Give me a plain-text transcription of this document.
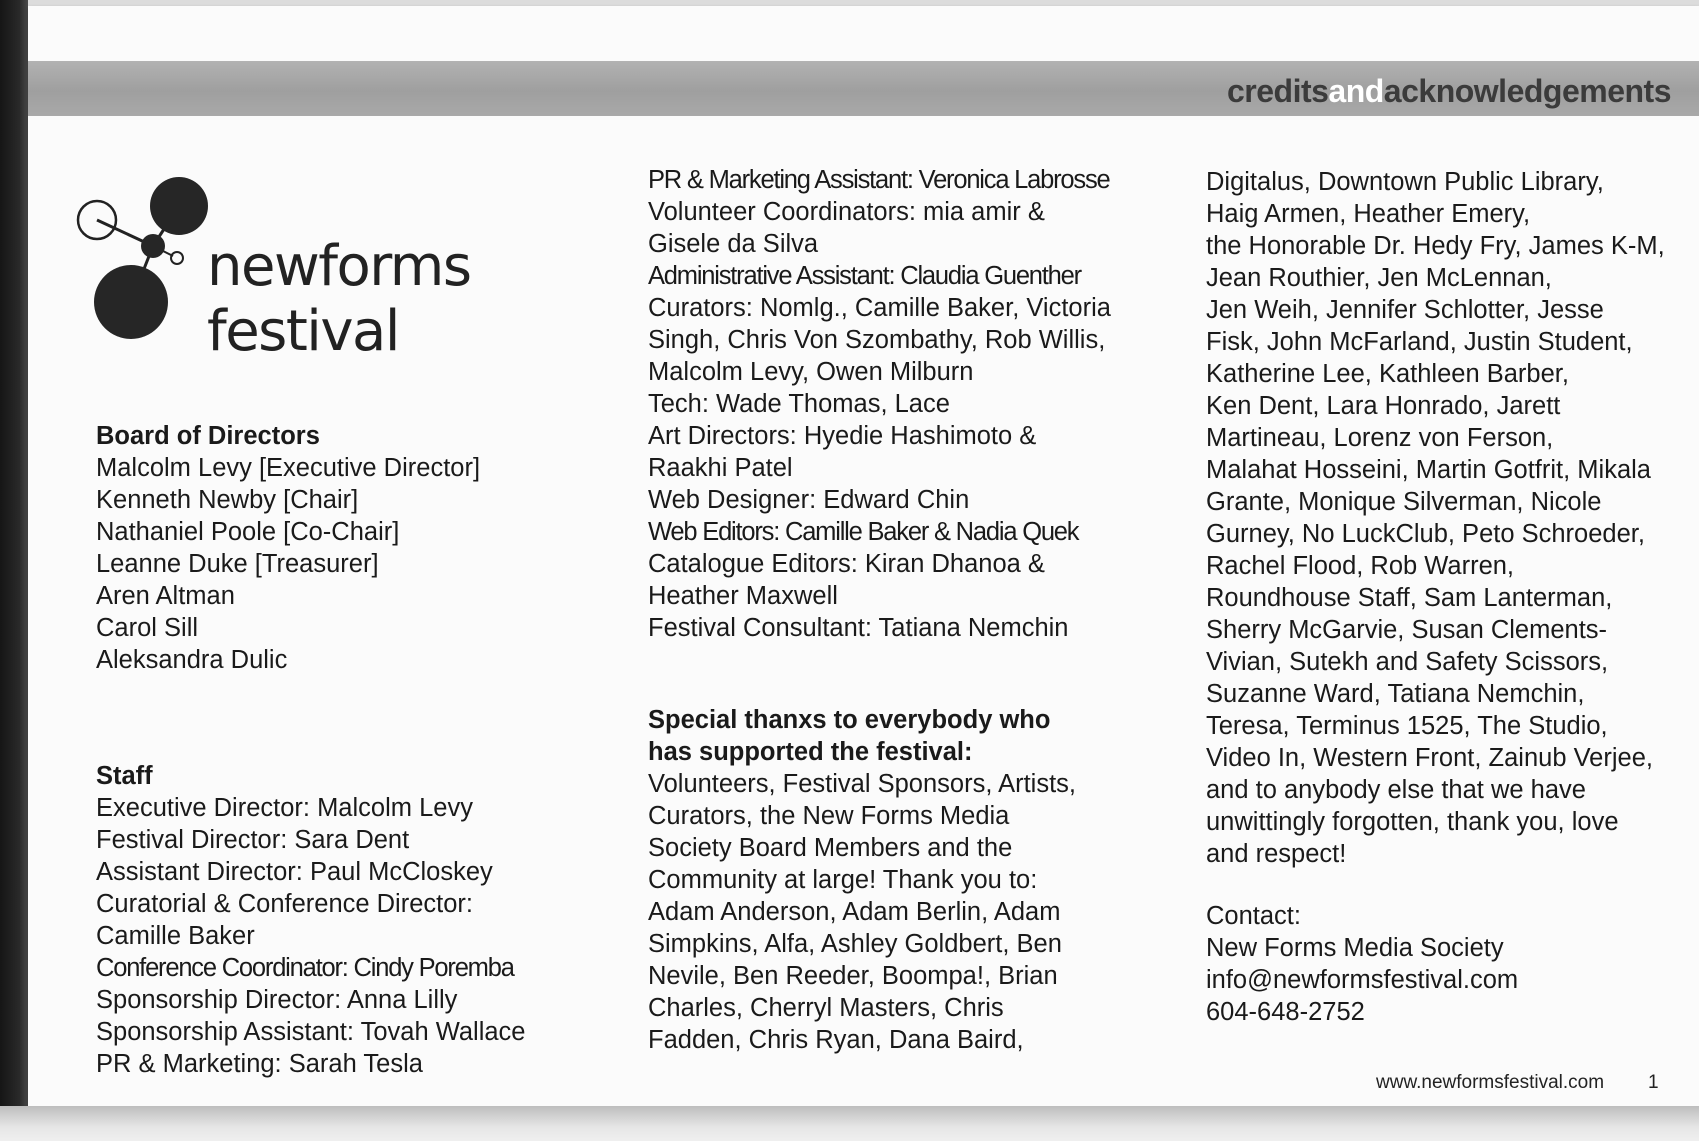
creditsandacknowledgements
newforms festival
Board of Directors
Malcolm Levy [Executive Director]
Kenneth Newby [Chair]
Nathaniel Poole [Co-Chair]
Leanne Duke [Treasurer]
Aren Altman
Carol Sill
Aleksandra Dulic
Staff
Executive Director: Malcolm Levy
Festival Director: Sara Dent
Assistant Director: Paul McCloskey
Curatorial & Conference Director:
Camille Baker
Conference Coordinator: Cindy Poremba
Sponsorship Director: Anna Lilly
Sponsorship Assistant: Tovah Wallace
PR & Marketing: Sarah Tesla
PR & Marketing Assistant: Veronica Labrosse
Volunteer Coordinators: mia amir &
Gisele da Silva
Administrative Assistant: Claudia Guenther
Curators: Nomlg., Camille Baker, Victoria
Singh, Chris Von Szombathy, Rob Willis,
Malcolm Levy, Owen Milburn
Tech: Wade Thomas, Lace
Art Directors: Hyedie Hashimoto &
Raakhi Patel
Web Designer: Edward Chin
Web Editors: Camille Baker & Nadia Quek
Catalogue Editors: Kiran Dhanoa &
Heather Maxwell
Festival Consultant: Tatiana Nemchin
Special thanxs to everybody who
has supported the festival:
Volunteers, Festival Sponsors, Artists,
Curators, the New Forms Media
Society Board Members and the
Community at large! Thank you to:
Adam Anderson, Adam Berlin, Adam
Simpkins, Alfa, Ashley Goldbert, Ben
Nevile, Ben Reeder, Boompa!, Brian
Charles, Cherryl Masters, Chris
Fadden, Chris Ryan, Dana Baird,
Digitalus, Downtown Public Library,
Haig Armen, Heather Emery,
the Honorable Dr. Hedy Fry, James K-M,
Jean Routhier, Jen McLennan,
Jen Weih, Jennifer Schlotter, Jesse
Fisk, John McFarland, Justin Student,
Katherine Lee, Kathleen Barber,
Ken Dent, Lara Honrado, Jarett
Martineau, Lorenz von Ferson,
Malahat Hosseini, Martin Gotfrit, Mikala
Grante, Monique Silverman, Nicole
Gurney, No LuckClub, Peto Schroeder,
Rachel Flood, Rob Warren,
Roundhouse Staff, Sam Lanterman,
Sherry McGarvie, Susan Clements-
Vivian, Sutekh and Safety Scissors,
Suzanne Ward, Tatiana Nemchin,
Teresa, Terminus 1525, The Studio,
Video In, Western Front, Zainub Verjee,
and to anybody else that we have
unwittingly forgotten, thank you, love
and respect!
Contact:
New Forms Media Society
info@newformsfestival.com
604-648-2752
www.newformsfestival.com 1
